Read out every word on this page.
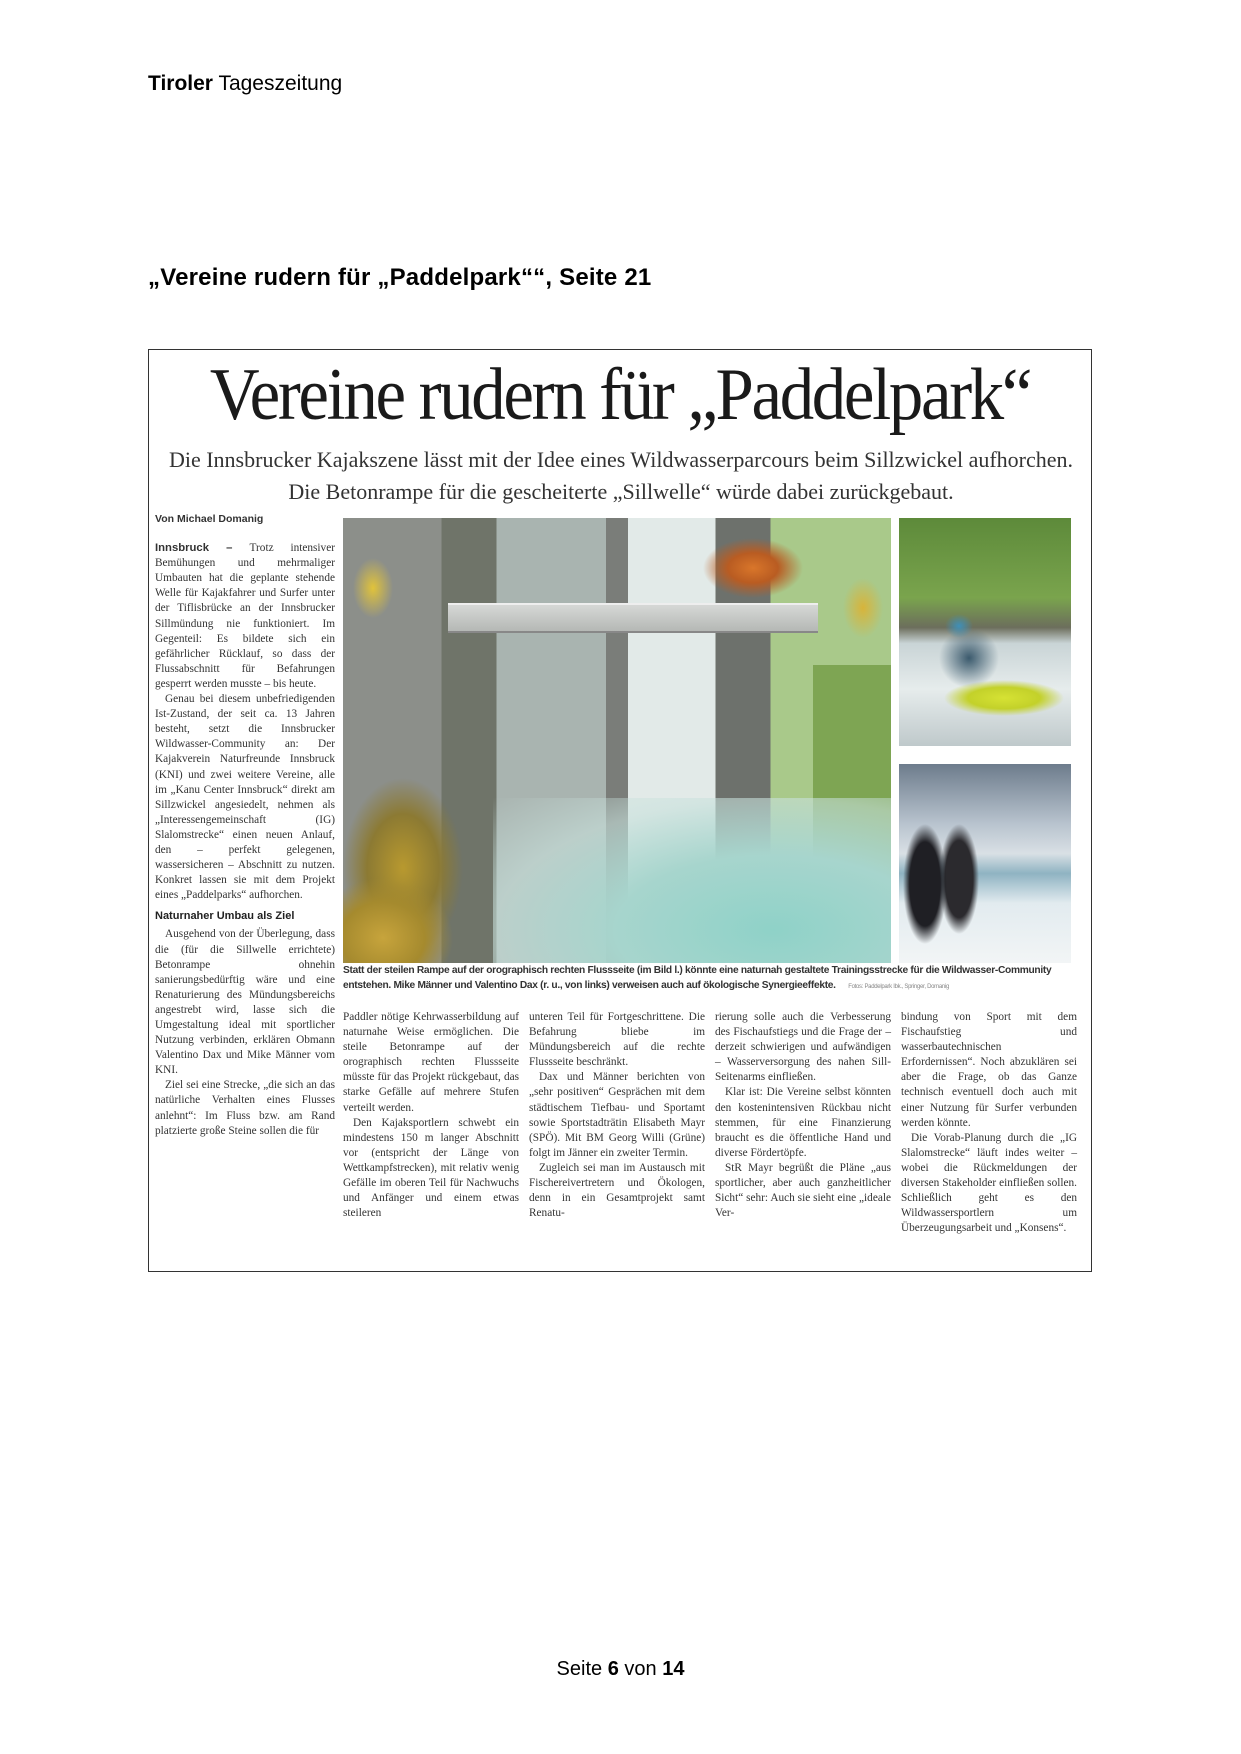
Tiroler Tageszeitung
„Vereine rudern für „Paddelpark““, Seite 21
Vereine rudern für „Paddelpark“
Die Innsbrucker Kajakszene lässt mit der Idee eines Wildwasserparcours beim Sillzwickel aufhorchen. Die Betonrampe für die gescheiterte „Sillwelle“ würde dabei zurückgebaut.
Von Michael Domanig

Innsbruck – Trotz intensiver Bemühungen und mehrmaliger Umbauten hat die geplante stehende Welle für Kajakfahrer und Surfer unter der Tiflisbrücke an der Innsbrucker Sillmündung nie funktioniert. Im Gegenteil: Es bildete sich ein gefährlicher Rücklauf, so dass der Flussabschnitt für Befahrungen gesperrt werden musste – bis heute.

Genau bei diesem unbefriedigenden Ist-Zustand, der seit ca. 13 Jahren besteht, setzt die Innsbrucker Wildwasser-Community an: Der Kajakverein Naturfreunde Innsbruck (KNI) und zwei weitere Vereine, alle im „Kanu Center Innsbruck“ direkt am Sillzwickel angesiedelt, nehmen als „Interessengemeinschaft (IG) Slalomstrecke“ einen neuen Anlauf, den – perfekt gelegenen, wassersicheren – Abschnitt zu nutzen. Konkret lassen sie mit dem Projekt eines „Paddelparks“ aufhorchen.

Naturnaher Umbau als Ziel

Ausgehend von der Überlegung, dass die (für die Sillwelle errichtete) Betonrampe ohnehin sanierungsbedürftig wäre und eine Renaturierung des Mündungsbereichs angestrebt wird, lasse sich die Umgestaltung ideal mit sportlicher Nutzung verbinden, erklären Obmann Valentino Dax und Mike Männer vom KNI.

Ziel sei eine Strecke, „die sich an das natürliche Verhalten eines Flusses anlehnt“: Im Fluss bzw. am Rand platzierte große Steine sollen die für

Statt der steilen Rampe auf der orographisch rechten Flussseite (im Bild l.) könnte eine naturnah gestaltete Trainingsstrecke für die Wildwasser-Community entstehen. Mike Männer und Valentino Dax (r. u., von links) verweisen auch auf ökologische Synergieeffekte. Fotos: Paddelpark Ibk., Springer, Domanig

Paddler nötige Kehrwasserbildung auf naturnahe Weise ermöglichen. Die steile Betonrampe auf der orographisch rechten Flussseite müsste für das Projekt rückgebaut, das starke Gefälle auf mehrere Stufen verteilt werden.

Den Kajaksportlern schwebt ein mindestens 150 m langer Abschnitt vor (entspricht der Länge von Wettkampfstrecken), mit relativ wenig Gefälle im oberen Teil für Nachwuchs und Anfänger und einem etwas steileren

unteren Teil für Fortgeschrittene. Die Befahrung bliebe im Mündungsbereich auf die rechte Flussseite beschränkt.

Dax und Männer berichten von „sehr positiven“ Gesprächen mit dem städtischem Tiefbau- und Sportamt sowie Sportstadträtin Elisabeth Mayr (SPÖ). Mit BM Georg Willi (Grüne) folgt im Jänner ein zweiter Termin.

Zugleich sei man im Austausch mit Fischereivertretern und Ökologen, denn in ein Gesamtprojekt samt Renatu-

rierung solle auch die Verbesserung des Fischaufstiegs und die Frage der – derzeit schwierigen und aufwändigen – Wasserversorgung des nahen Sill-Seitenarms einfließen.

Klar ist: Die Vereine selbst könnten den kostenintensiven Rückbau nicht stemmen, für eine Finanzierung braucht es die öffentliche Hand und diverse Fördertöpfe.

StR Mayr begrüßt die Pläne „aus sportlicher, aber auch ganzheitlicher Sicht“ sehr: Auch sie sieht eine „ideale Ver-

bindung von Sport mit dem Fischaufstieg und wasserbautechnischen Erfordernissen“. Noch abzuklären sei aber die Frage, ob das Ganze technisch eventuell doch auch mit einer Nutzung für Surfer verbunden werden könnte.

Die Vorab-Planung durch die „IG Slalomstrecke“ läuft indes weiter – wobei die Rückmeldungen der diversen Stakeholder einfließen sollen. Schließlich geht es den Wildwassersportlern um Überzeugungsarbeit und „Konsens“.

Seite 6 von 14
